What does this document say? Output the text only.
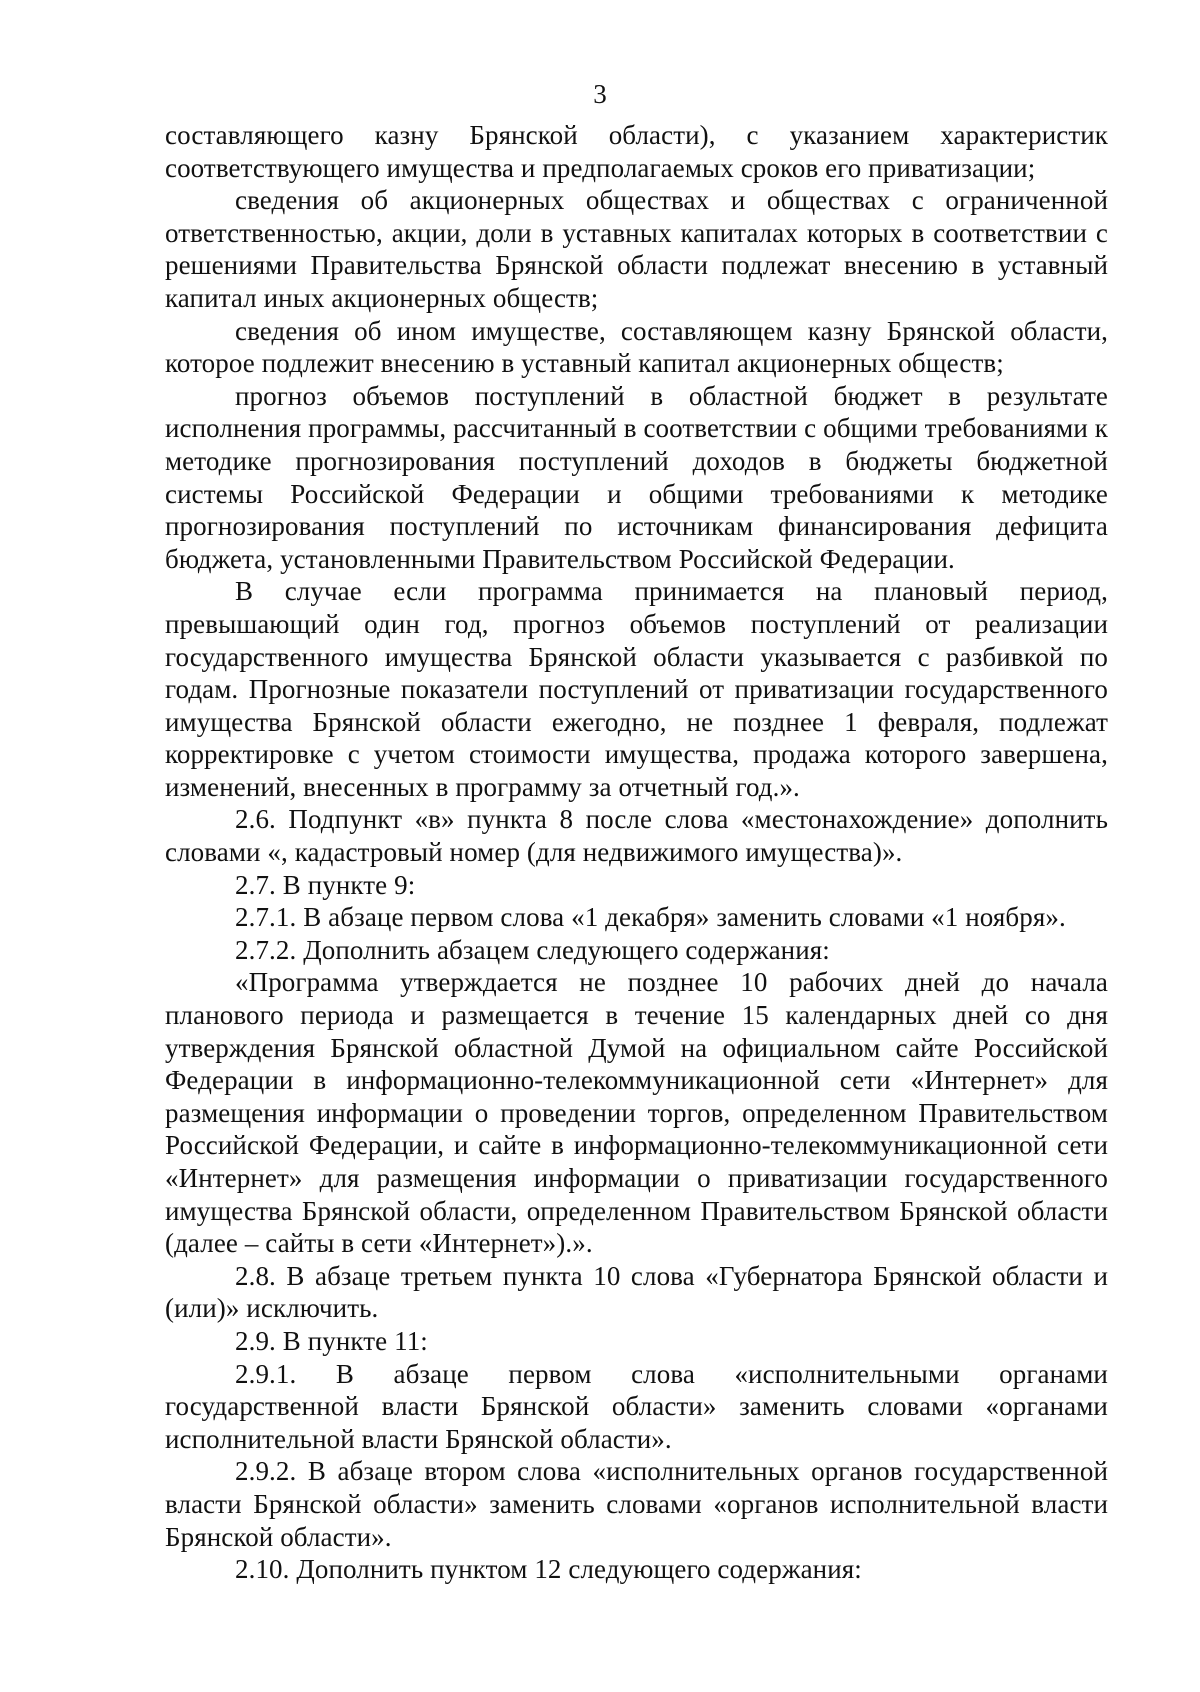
3

составляющего казну Брянской области), с указанием характеристик соответствующего имущества и предполагаемых сроков его приватизации;

сведения об акционерных обществах и обществах с ограниченной ответственностью, акции, доли в уставных капиталах которых в соответствии с решениями Правительства Брянской области подлежат внесению в уставный капитал иных акционерных обществ;

сведения об ином имуществе, составляющем казну Брянской области, которое подлежит внесению в уставный капитал акционерных обществ;

прогноз объемов поступлений в областной бюджет в результате исполнения программы, рассчитанный в соответствии с общими требованиями к методике прогнозирования поступлений доходов в бюджеты бюджетной системы Российской Федерации и общими требованиями к методике прогнозирования поступлений по источникам финансирования дефицита бюджета, установленными Правительством Российской Федерации.

В случае если программа принимается на плановый период, превышающий один год, прогноз объемов поступлений от реализации государственного имущества Брянской области указывается с разбивкой по годам. Прогнозные показатели поступлений от приватизации государственного имущества Брянской области ежегодно, не позднее 1 февраля, подлежат корректировке с учетом стоимости имущества, продажа которого завершена, изменений, внесенных в программу за отчетный год.».

2.6. Подпункт «в» пункта 8 после слова «местонахождение» дополнить словами «, кадастровый номер (для недвижимого имущества)».

2.7. В пункте 9:

2.7.1. В абзаце первом слова «1 декабря» заменить словами «1 ноября».

2.7.2. Дополнить абзацем следующего содержания:

«Программа утверждается не позднее 10 рабочих дней до начала планового периода и размещается в течение 15 календарных дней со дня утверждения Брянской областной Думой на официальном сайте Российской Федерации в информационно-телекоммуникационной сети «Интернет» для размещения информации о проведении торгов, определенном Правительством Российской Федерации, и сайте в информационно-телекоммуникационной сети «Интернет» для размещения информации о приватизации государственного имущества Брянской области, определенном Правительством Брянской области (далее – сайты в сети «Интернет»).».

2.8. В абзаце третьем пункта 10 слова «Губернатора Брянской области и (или)» исключить.

2.9. В пункте 11:

2.9.1. В абзаце первом слова «исполнительными органами государственной власти Брянской области» заменить словами «органами исполнительной власти Брянской области».

2.9.2. В абзаце втором слова «исполнительных органов государственной власти Брянской области» заменить словами «органов исполнительной власти Брянской области».

2.10. Дополнить пунктом 12 следующего содержания:
